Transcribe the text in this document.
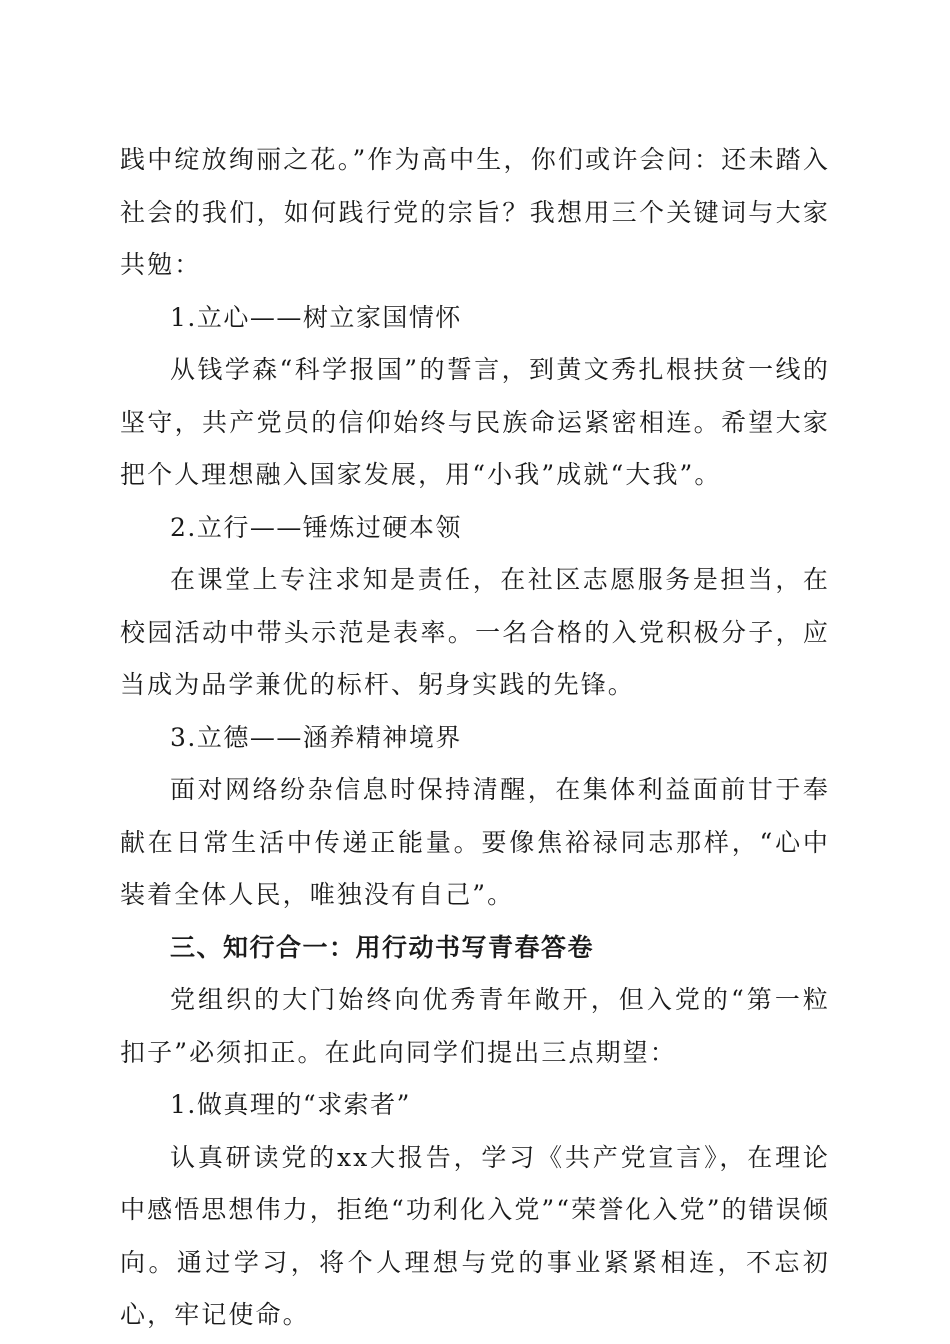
践中绽放绚丽之花。”作为高中生，你们或许会问：还未踏入社会的我们，如何践行党的宗旨？我想用三个关键词与大家共勉：

1.立心——树立家国情怀

从钱学森“科学报国”的誓言，到黄文秀扎根扶贫一线的坚守，共产党员的信仰始终与民族命运紧密相连。希望大家把个人理想融入国家发展，用“小我”成就“大我”。

2.立行——锤炼过硬本领

在课堂上专注求知是责任，在社区志愿服务是担当，在校园活动中带头示范是表率。一名合格的入党积极分子，应当成为品学兼优的标杆、躬身实践的先锋。

3.立德——涵养精神境界

面对网络纷杂信息时保持清醒，在集体利益面前甘于奉献在日常生活中传递正能量。要像焦裕禄同志那样，“心中装着全体人民，唯独没有自己”。

三、知行合一：用行动书写青春答卷

党组织的大门始终向优秀青年敞开，但入党的“第一粒扣子”必须扣正。在此向同学们提出三点期望：

1.做真理的“求索者”

认真研读党的xx大报告，学习《共产党宣言》，在理论中感悟思想伟力，拒绝“功利化入党”“荣誉化入党”的错误倾向。通过学习，将个人理想与党的事业紧紧相连，不忘初心，牢记使命。
